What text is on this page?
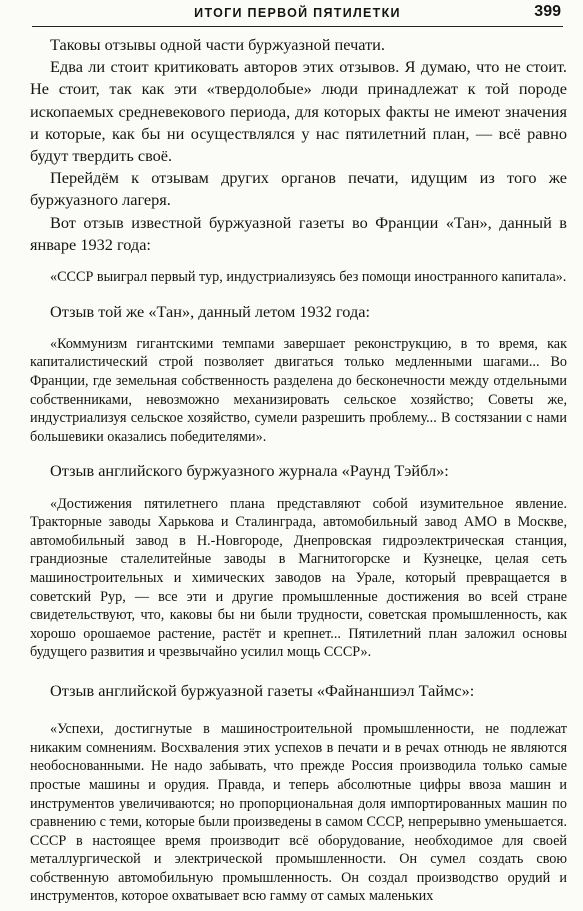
ИТОГИ ПЕРВОЙ ПЯТИЛЕТКИ	399

Таковы отзывы одной части буржуазной печати.

Едва ли стоит критиковать авторов этих отзывов. Я думаю, что не стоит. Не стоит, так как эти «твердолобые» люди принадлежат к той породе ископаемых средневекового периода, для которых факты не имеют значения и которые, как бы ни осуществлялся у нас пятилетний план, — всё равно будут твердить своё.

Перейдём к отзывам других органов печати, идущим из того же буржуазного лагеря.

Вот отзыв известной буржуазной газеты во Франции «Тан», данный в январе 1932 года:

«СССР выиграл первый тур, индустриализуясь без помощи иностранного капитала».

Отзыв той же «Тан», данный летом 1932 года:

«Коммунизм гигантскими темпами завершает реконструкцию, в то время, как капиталистический строй позволяет двигаться только медленными шагами... Во Франции, где земельная собственность разделена до бесконечности между отдельными собственниками, невозможно механизировать сельское хозяйство; Советы же, индустриализуя сельское хозяйство, сумели разрешить проблему... В состязании с нами большевики оказались победителями».

Отзыв английского буржуазного журнала «Раунд Тэйбл»:

«Достижения пятилетнего плана представляют собой изумительное явление. Тракторные заводы Харькова и Сталинграда, автомобильный завод АМО в Москве, автомобильный завод в Н.-Новгороде, Днепровская гидроэлектрическая станция, грандиозные сталелитейные заводы в Магнитогорске и Кузнецке, целая сеть машиностроительных и химических заводов на Урале, который превращается в советский Рур, — все эти и другие промышленные достижения во всей стране свидетельствуют, что, каковы бы ни были трудности, советская промышленность, как хорошо орошаемое растение, растёт и крепнет... Пятилетний план заложил основы будущего развития и чрезвычайно усилил мощь СССР».

Отзыв английской буржуазной газеты «Файнаншиэл Таймс»:

«Успехи, достигнутые в машиностроительной промышленности, не подлежат никаким сомнениям. Восхваления этих успехов в печати и в речах отнюдь не являются необоснованными. Не надо забывать, что прежде Россия производила только самые простые машины и орудия. Правда, и теперь абсолютные цифры ввоза машин и инструментов увеличиваются; но пропорциональная доля импортированных машин по сравнению с теми, которые были произведены в самом СССР, непрерывно уменьшается. СССР в настоящее время производит всё оборудование, необходимое для своей металлургической и электрической промышленности. Он сумел создать свою собственную автомобильную промышленность. Он создал производство орудий и инструментов, которое охватывает всю гамму от самых маленьких
